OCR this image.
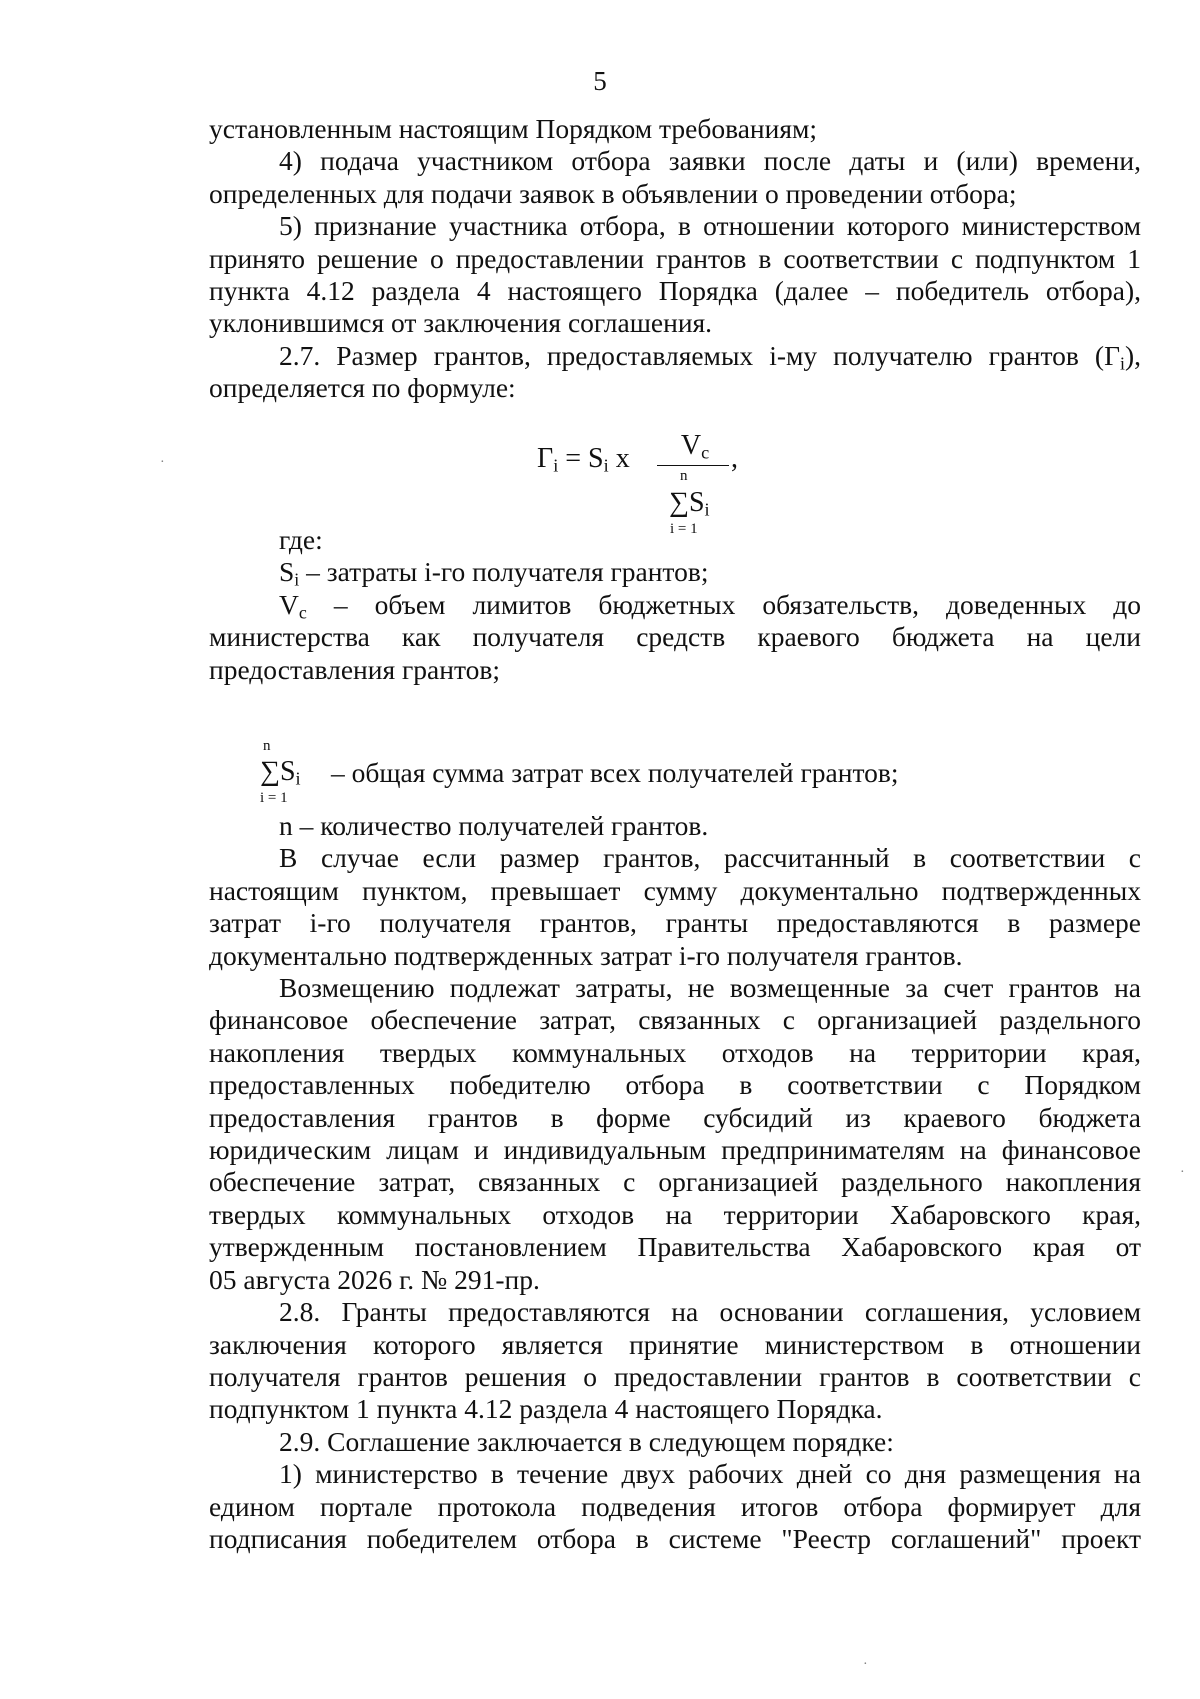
5
установленным настоящим Порядком требованиям;
4) подача участником отбора заявки после даты и (или) времени,
определенных для подачи заявок в объявлении о проведении отбора;
5) признание участника отбора, в отношении которого министерством
принято решение о предоставлении грантов в соответствии с подпунктом 1
пункта 4.12 раздела 4 настоящего Порядка (далее – победитель отбора),
уклонившимся от заключения соглашения.
2.7. Размер грантов, предоставляемых i-му получателю грантов $(Г_i)$,
определяется по формуле:
$Г_i = S_i$ x	$V_c$ ,
n
$\sum S_i$
i = 1
где:
$S_i$ – затраты i-го получателя грантов;
$V_c$ – объем лимитов бюджетных обязательств, доведенных до
министерства как получателя средств краевого бюджета на цели
предоставления грантов;
n
$\sum S_i$
i = 1
– общая сумма затрат всех получателей грантов;
n – количество получателей грантов.
В случае если размер грантов, рассчитанный в соответствии с
настоящим пунктом, превышает сумму документально подтвержденных
затрат i-го получателя грантов, гранты предоставляются в размере
документально подтвержденных затрат i-го получателя грантов.
Возмещению подлежат затраты, не возмещенные за счет грантов на
финансовое обеспечение затрат, связанных с организацией раздельного
накопления твердых коммунальных отходов на территории края,
предоставленных победителю отбора в соответствии с Порядком
предоставления грантов в форме субсидий из краевого бюджета
юридическим лицам и индивидуальным предпринимателям на финансовое
обеспечение затрат, связанных с организацией раздельного накопления
твердых коммунальных отходов на территории Хабаровского края,
утвержденным постановлением Правительства Хабаровского края от
05 августа 2026 г. № 291-пр.
2.8. Гранты предоставляются на основании соглашения, условием
заключения которого является принятие министерством в отношении
получателя грантов решения о предоставлении грантов в соответствии с
подпунктом 1 пункта 4.12 раздела 4 настоящего Порядка.
2.9. Соглашение заключается в следующем порядке:
1) министерство в течение двух рабочих дней со дня размещения на
едином портале протокола подведения итогов отбора формирует для
подписания победителем отбора в системе "Реестр соглашений" проект
·
·
·
